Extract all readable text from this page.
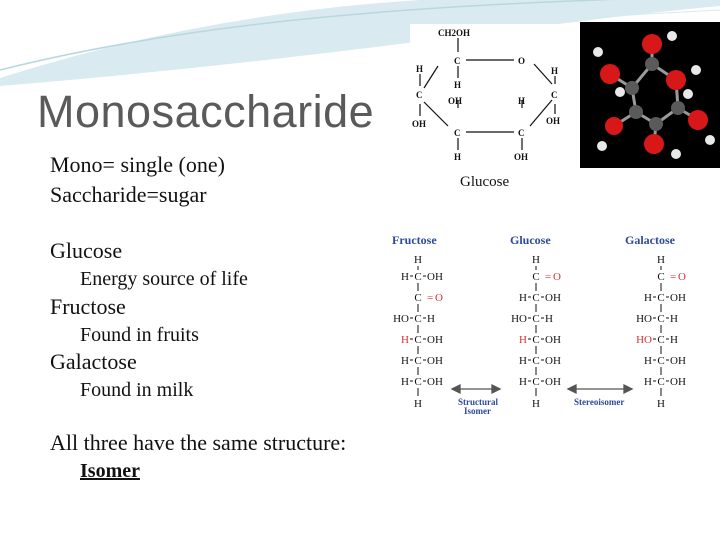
Monosaccharide
Mono= single (one)
Saccharide=sugar
Glucose
Energy source of life
Fructose
Found in fruits
Galactose
Found in milk
All three have the same structure:
Isomer
CH2OH
C	O
H	H
H
C	C
OH	H
OH	OH
C	C
H	OH
Glucose
Fructose	Glucose	Galactose
H
C
H OH
C = O
C
HO H
C
H OH
C
H OH
C
H OH
H
H
C = O
C
H OH
C
HO H
C
H OH
C
H OH
C
H OH
H
H
C = O
C
H OH
C
HO H
C
HO H
C
H OH
C
H OH
H
Structural
Isomer
Stereoisomer
